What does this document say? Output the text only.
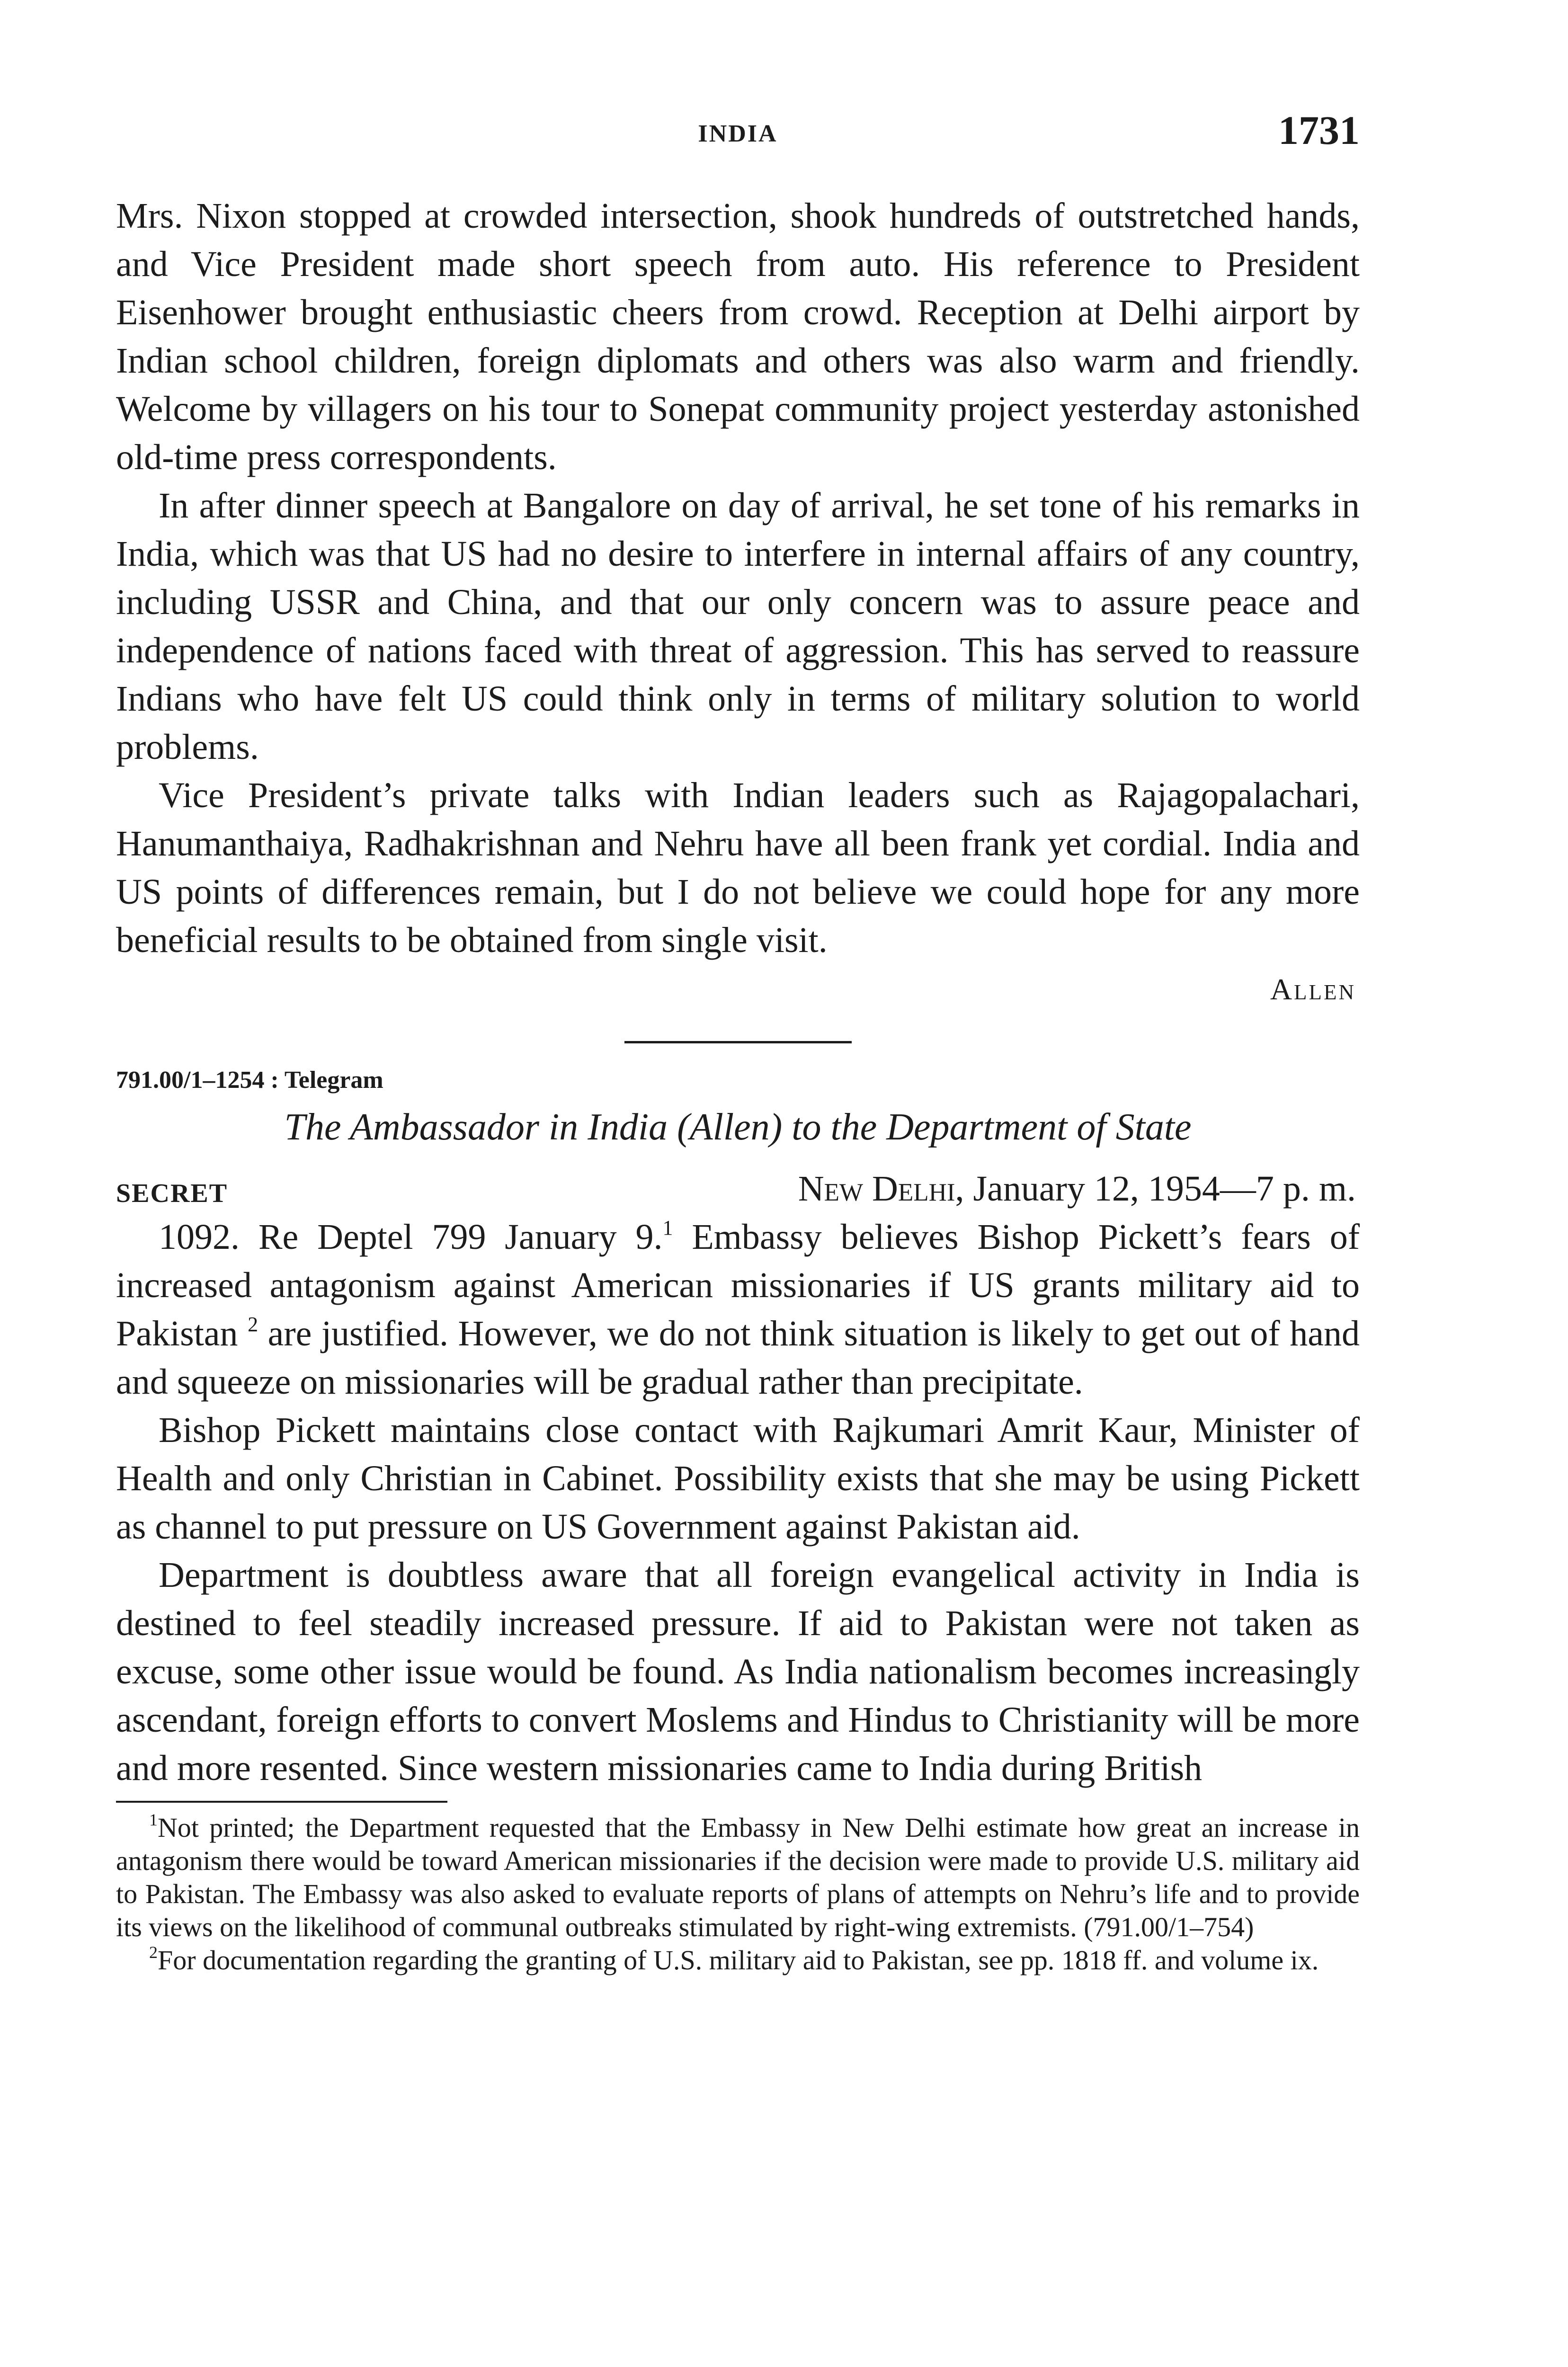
INDIA	1731

Mrs. Nixon stopped at crowded intersection, shook hundreds of outstretched hands, and Vice President made short speech from auto. His reference to President Eisenhower brought enthusiastic cheers from crowd. Reception at Delhi airport by Indian school children, foreign diplomats and others was also warm and friendly. Welcome by villagers on his tour to Sonepat community project yesterday astonished old-time press correspondents.

In after dinner speech at Bangalore on day of arrival, he set tone of his remarks in India, which was that US had no desire to interfere in internal affairs of any country, including USSR and China, and that our only concern was to assure peace and independence of nations faced with threat of aggression. This has served to reassure Indians who have felt US could think only in terms of military solution to world problems.

Vice President’s private talks with Indian leaders such as Rajagopalachari, Hanumanthaiya, Radhakrishnan and Nehru have all been frank yet cordial. India and US points of differences remain, but I do not believe we could hope for any more beneficial results to be obtained from single visit.

Allen
791.00/1–1254 : Telegram
The Ambassador in India (Allen) to the Department of State
SECRET	New Delhi, January 12, 1954—7 p. m.

1092. Re Deptel 799 January 9.$^1$ Embassy believes Bishop Pickett’s fears of increased antagonism against American missionaries if US grants military aid to Pakistan $^2$ are justified. However, we do not think situation is likely to get out of hand and squeeze on missionaries will be gradual rather than precipitate.

Bishop Pickett maintains close contact with Rajkumari Amrit Kaur, Minister of Health and only Christian in Cabinet. Possibility exists that she may be using Pickett as channel to put pressure on US Government against Pakistan aid.

Department is doubtless aware that all foreign evangelical activity in India is destined to feel steadily increased pressure. If aid to Pakistan were not taken as excuse, some other issue would be found. As India nationalism becomes increasingly ascendant, foreign efforts to convert Moslems and Hindus to Christianity will be more and more resented. Since western missionaries came to India during British

$^1$Not printed; the Department requested that the Embassy in New Delhi estimate how great an increase in antagonism there would be toward American missionaries if the decision were made to provide U.S. military aid to Pakistan. The Embassy was also asked to evaluate reports of plans of attempts on Nehru’s life and to provide its views on the likelihood of communal outbreaks stimulated by right-wing extremists. (791.00/1–754)

$^2$For documentation regarding the granting of U.S. military aid to Pakistan, see pp. 1818 ff. and volume ix.
